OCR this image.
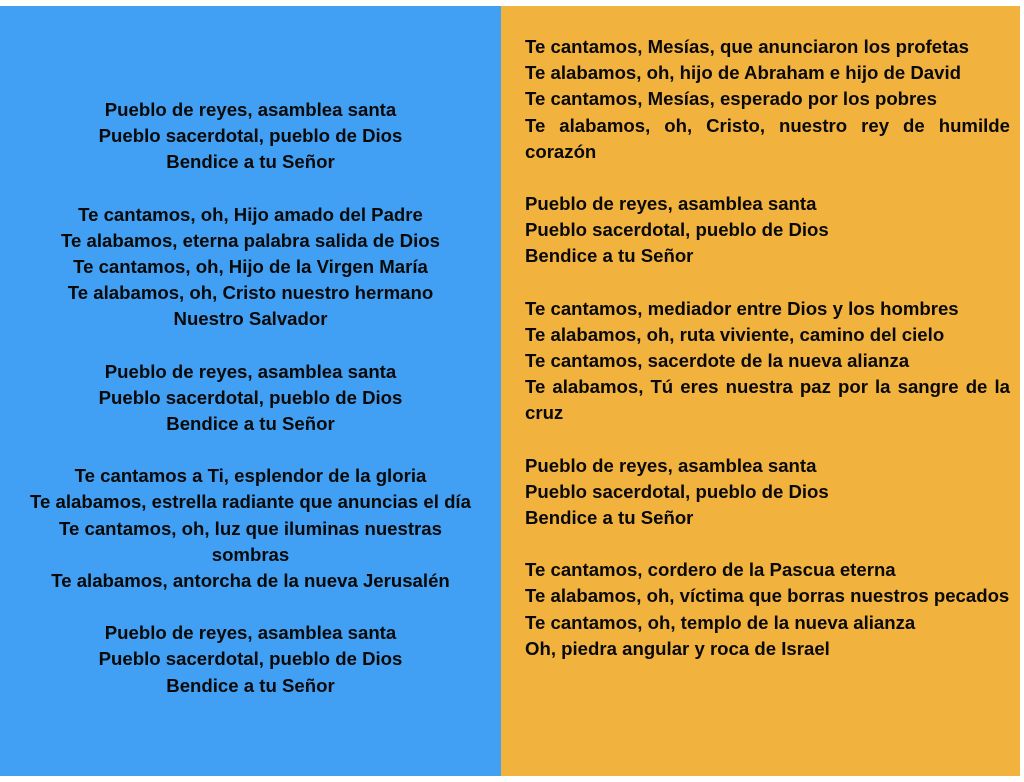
Pueblo de reyes, asamblea santa
Pueblo sacerdotal, pueblo de Dios
Bendice a tu Señor
Te cantamos, oh, Hijo amado del Padre
Te alabamos, eterna palabra salida de Dios
Te cantamos, oh, Hijo de la Virgen María
Te alabamos, oh, Cristo nuestro hermano
Nuestro Salvador
Pueblo de reyes, asamblea santa
Pueblo sacerdotal, pueblo de Dios
Bendice a tu Señor
Te cantamos a Ti, esplendor de la gloria
Te alabamos, estrella radiante que anuncias el día
Te cantamos, oh, luz que iluminas nuestras sombras
Te alabamos, antorcha de la nueva Jerusalén
Pueblo de reyes, asamblea santa
Pueblo sacerdotal, pueblo de Dios
Bendice a tu Señor
Te cantamos, Mesías, que anunciaron los profetas
Te alabamos, oh, hijo de Abraham e hijo de David
Te cantamos, Mesías, esperado por los pobres
Te alabamos, oh, Cristo, nuestro rey de humilde corazón
Pueblo de reyes, asamblea santa
Pueblo sacerdotal, pueblo de Dios
Bendice a tu Señor
Te cantamos, mediador entre Dios y los hombres
Te alabamos, oh, ruta viviente, camino del cielo
Te cantamos, sacerdote de la nueva alianza
Te alabamos, Tú eres nuestra paz por la sangre de la cruz
Pueblo de reyes, asamblea santa
Pueblo sacerdotal, pueblo de Dios
Bendice a tu Señor
Te cantamos, cordero de la Pascua eterna
Te alabamos, oh, víctima que borras nuestros pecados
Te cantamos, oh, templo de la nueva alianza
Oh, piedra angular y roca de Israel
